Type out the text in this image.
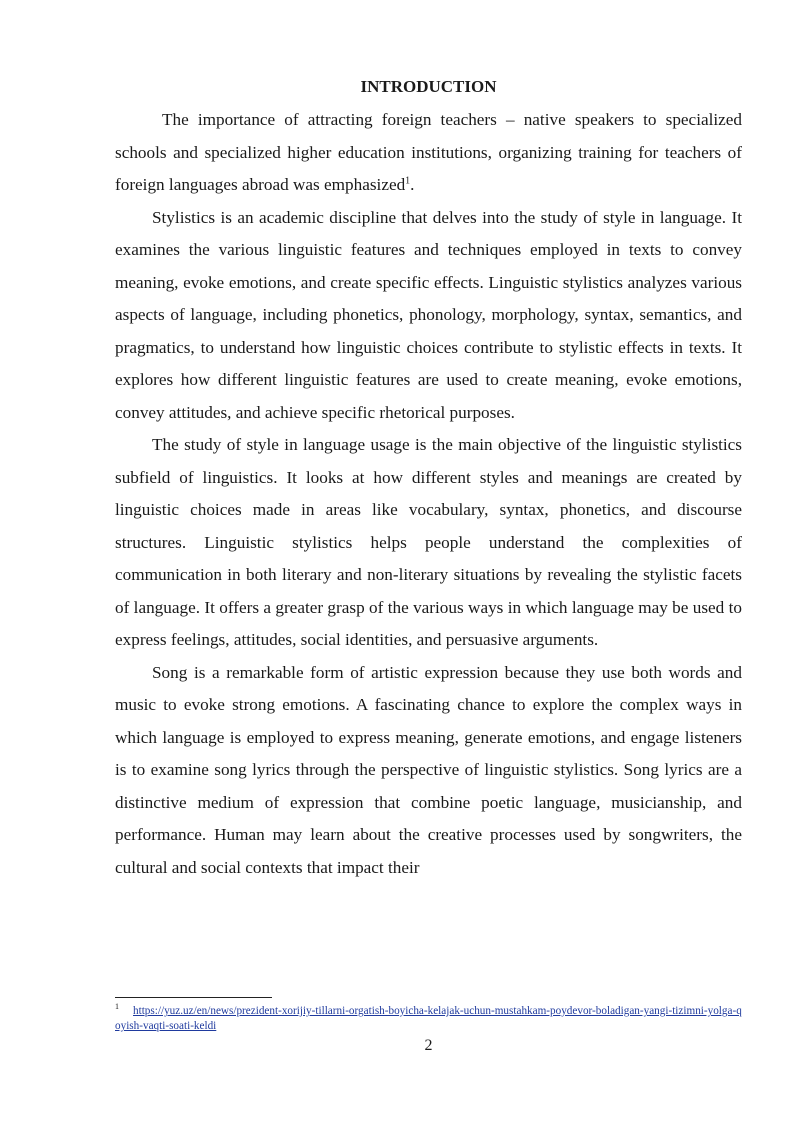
INTRODUCTION

The importance of attracting foreign teachers – native speakers to specialized schools and specialized higher education institutions, organizing training for teachers of foreign languages abroad was emphasized$^1$.

Stylistics is an academic discipline that delves into the study of style in language. It examines the various linguistic features and techniques employed in texts to convey meaning, evoke emotions, and create specific effects. Linguistic stylistics analyzes various aspects of language, including phonetics, phonology, morphology, syntax, semantics, and pragmatics, to understand how linguistic choices contribute to stylistic effects in texts. It explores how different linguistic features are used to create meaning, evoke emotions, convey attitudes, and achieve specific rhetorical purposes.

The study of style in language usage is the main objective of the linguistic stylistics subfield of linguistics. It looks at how different styles and meanings are created by linguistic choices made in areas like vocabulary, syntax, phonetics, and discourse structures. Linguistic stylistics helps people understand the complexities of communication in both literary and non-literary situations by revealing the stylistic facets of language. It offers a greater grasp of the various ways in which language may be used to express feelings, attitudes, social identities, and persuasive arguments.

Song is a remarkable form of artistic expression because they use both words and music to evoke strong emotions. A fascinating chance to explore the complex ways in which language is employed to express meaning, generate emotions, and engage listeners is to examine song lyrics through the perspective of linguistic stylistics. Song lyrics are a distinctive medium of expression that combine poetic language, musicianship, and performance. Human may learn about the creative processes used by songwriters, the cultural and social contexts that impact their

$^1$ https://yuz.uz/en/news/prezident-xorijiy-tillarni-orgatish-boyicha-kelajak-uchun-mustahkam-poydevor-boladigan-yangi-tizimni-yolga-qoyish-vaqti-soati-keldi
2
